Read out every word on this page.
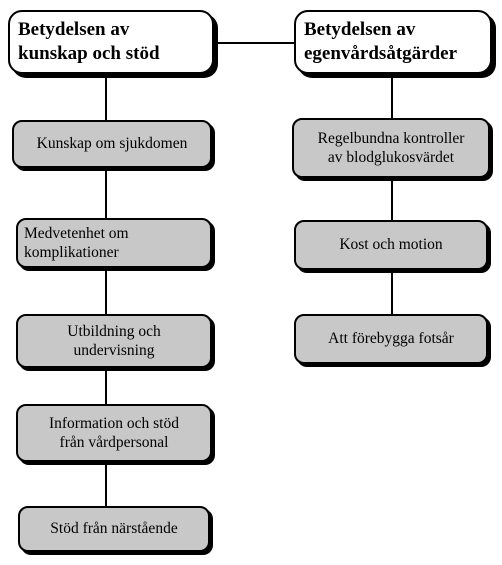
Betydelsen av
kunskap och stöd
Kunskap om sjukdomen
Medvetenhet om
komplikationer
Utbildning och
undervisning
Information och stöd
från vårdpersonal
Stöd från närstående
Betydelsen av
egenvårdsåtgärder
Regelbundna kontroller
av blodglukosvärdet
Kost och motion
Att förebygga fotsår
